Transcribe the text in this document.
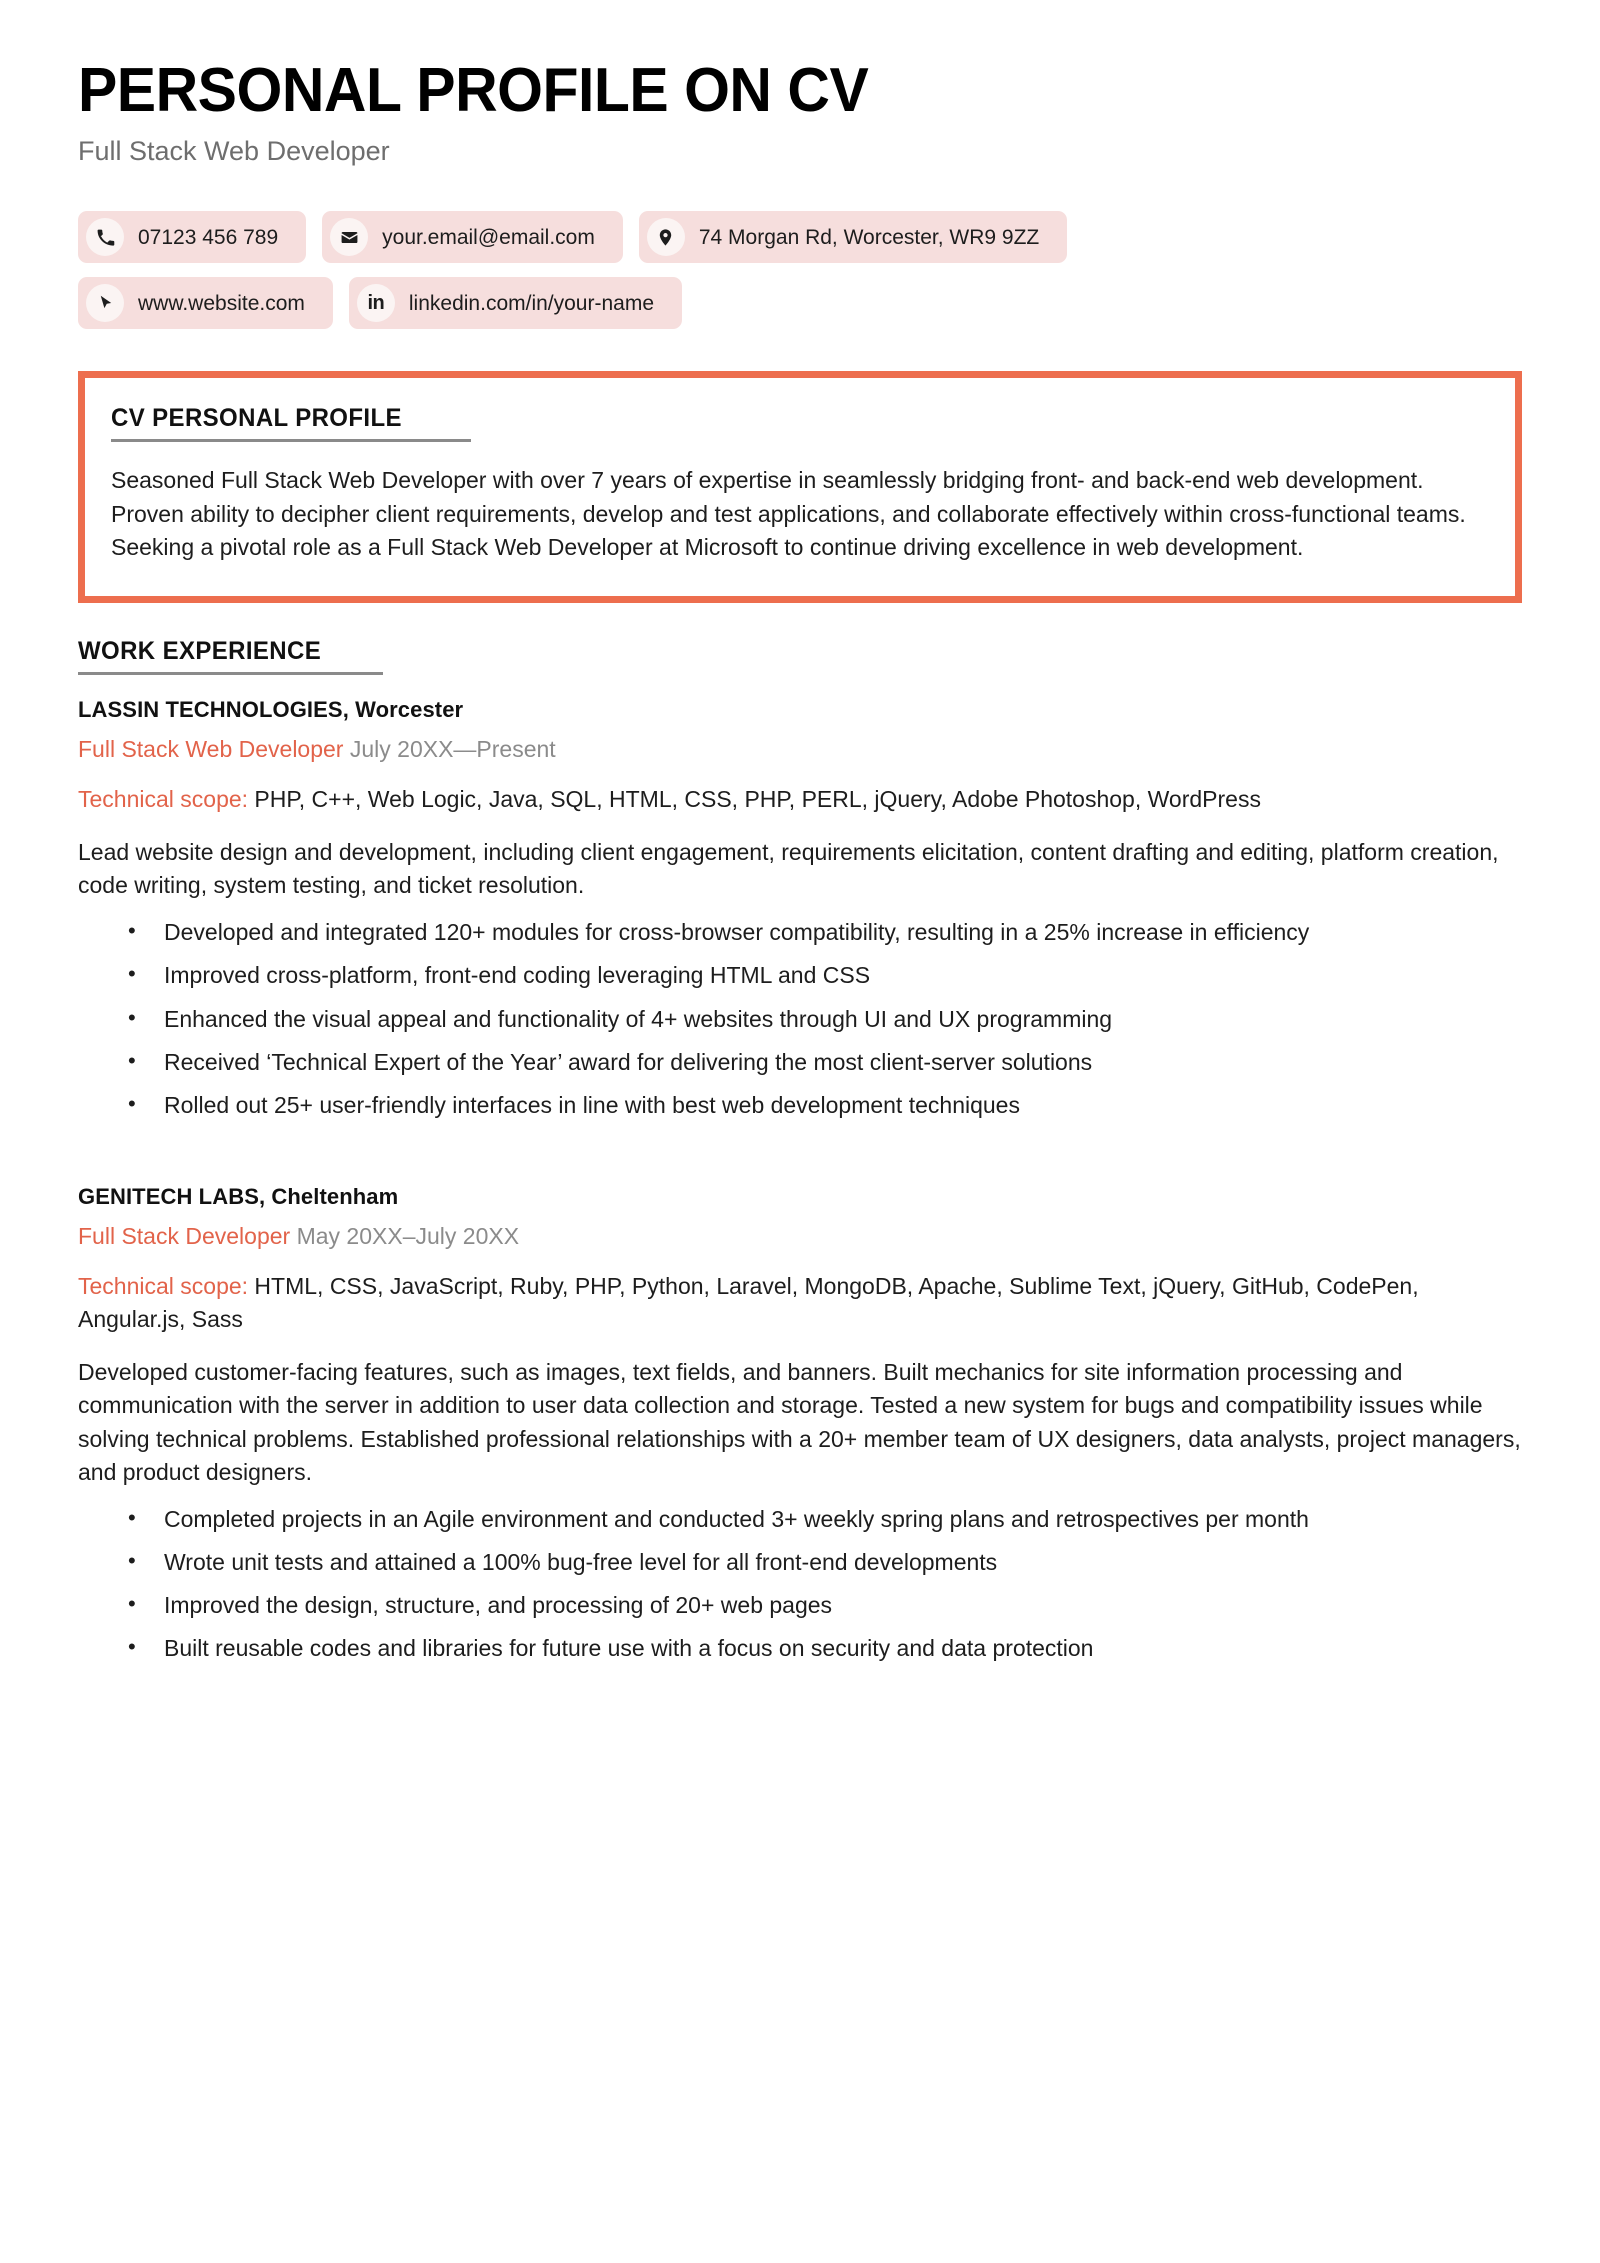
PERSONAL PROFILE ON CV
Full Stack Web Developer
07123 456 789	your.email@email.com	74 Morgan Rd, Worcester, WR9 9ZZ
www.website.com	in linkedin.com/in/your-name
CV PERSONAL PROFILE

Seasoned Full Stack Web Developer with over 7 years of expertise in seamlessly bridging front- and back-end web development. Proven ability to decipher client requirements, develop and test applications, and collaborate effectively within cross-functional teams. Seeking a pivotal role as a Full Stack Web Developer at Microsoft to continue driving excellence in web development.

WORK EXPERIENCE
LASSIN TECHNOLOGIES, Worcester
Full Stack Web Developer July 20XX—Present
Technical scope: PHP, C++, Web Logic, Java, SQL, HTML, CSS, PHP, PERL, jQuery, Adobe Photoshop, WordPress

Lead website design and development, including client engagement, requirements elicitation, content drafting and editing, platform creation, code writing, system testing, and ticket resolution.

• Developed and integrated 120+ modules for cross-browser compatibility, resulting in a 25% increase in efficiency
• Improved cross-platform, front-end coding leveraging HTML and CSS
• Enhanced the visual appeal and functionality of 4+ websites through UI and UX programming
• Received ‘Technical Expert of the Year’ award for delivering the most client-server solutions
• Rolled out 25+ user-friendly interfaces in line with best web development techniques
GENITECH LABS, Cheltenham
Full Stack Developer May 20XX–July 20XX
Technical scope: HTML, CSS, JavaScript, Ruby, PHP, Python, Laravel, MongoDB, Apache, Sublime Text, jQuery, GitHub, CodePen, Angular.js, Sass

Developed customer-facing features, such as images, text fields, and banners. Built mechanics for site information processing and communication with the server in addition to user data collection and storage. Tested a new system for bugs and compatibility issues while solving technical problems. Established professional relationships with a 20+ member team of UX designers, data analysts, project managers, and product designers.

• Completed projects in an Agile environment and conducted 3+ weekly spring plans and retrospectives per month
• Wrote unit tests and attained a 100% bug-free level for all front-end developments
• Improved the design, structure, and processing of 20+ web pages
• Built reusable codes and libraries for future use with a focus on security and data protection
